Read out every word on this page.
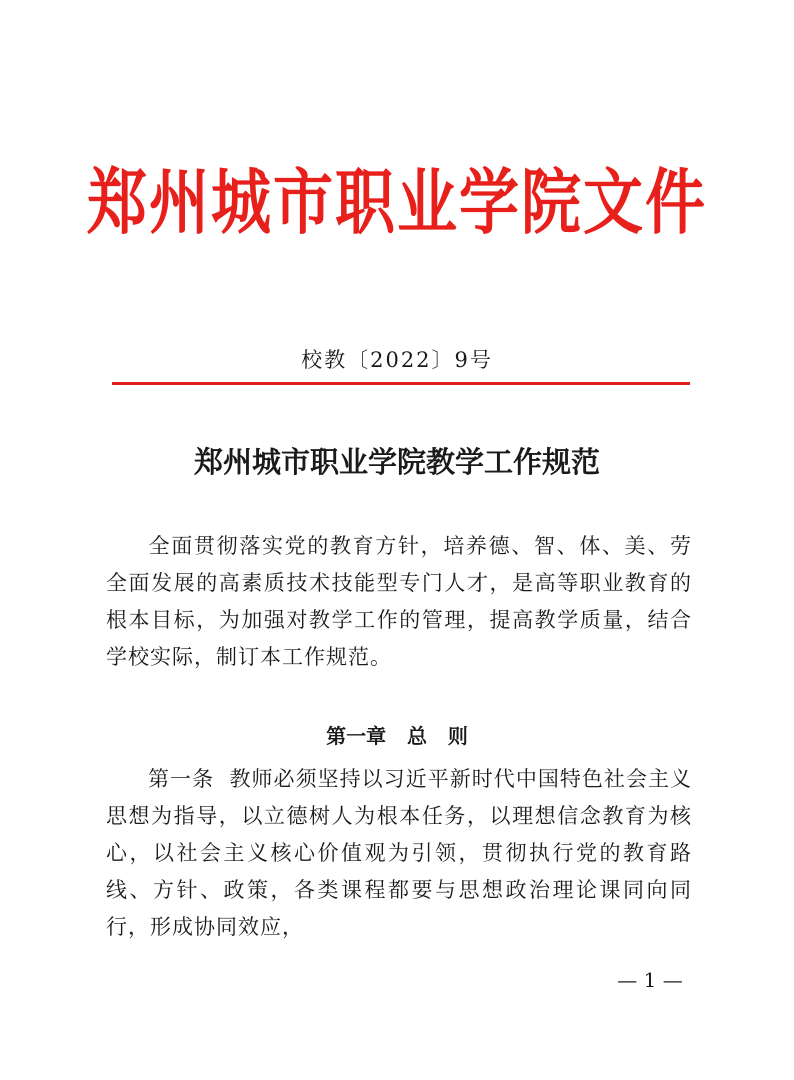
郑州城市职业学院文件
校教〔2022〕9号
郑州城市职业学院教学工作规范
全面贯彻落实党的教育方针，培养德、智、体、美、劳全面发展的高素质技术技能型专门人才，是高等职业教育的根本目标，为加强对教学工作的管理，提高教学质量，结合学校实际，制订本工作规范。
第一章   总   则
第一条  教师必须坚持以习近平新时代中国特色社会主义思想为指导，以立德树人为根本任务，以理想信念教育为核心，以社会主义核心价值观为引领，贯彻执行党的教育路线、方针、政策，各类课程都要与思想政治理论课同向同行，形成协同效应，
— 1 —
